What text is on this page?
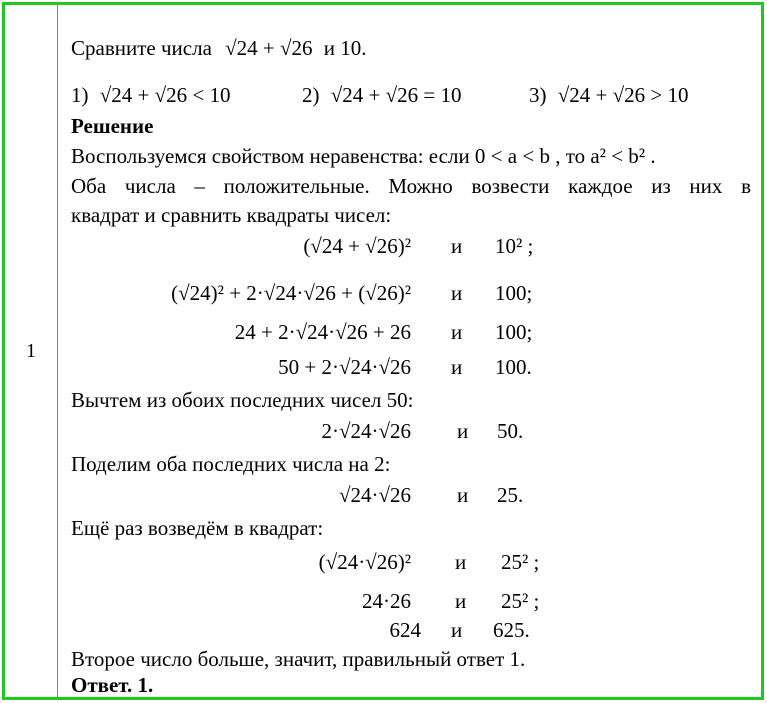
1
Сравните числа √24 + √26 и 10.
1) √24 + √26 < 10	2) √24 + √26 = 10	3) √24 + √26 > 10
Решение
Воспользуемся свойством неравенства: если 0 < a < b , то a² < b² .
Оба числа – положительные. Можно возвести каждое из них в
квадрат и сравнить квадраты чисел:
(√24 + √26)² и 10² ;
(√24)² + 2·√24·√26 + (√26)² и 100;
24 + 2·√24·√26 + 26 и 100;
50 + 2·√24·√26 и 100.
Вычтем из обоих последних чисел 50:
2·√24·√26 и 50.
Поделим оба последних числа на 2:
√24·√26 и 25.
Ещё раз возведём в квадрат:
(√24·√26)² и 25² ;
24·26 и 25² ;
624 и 625.
Второе число больше, значит, правильный ответ 1.
Ответ. 1.
